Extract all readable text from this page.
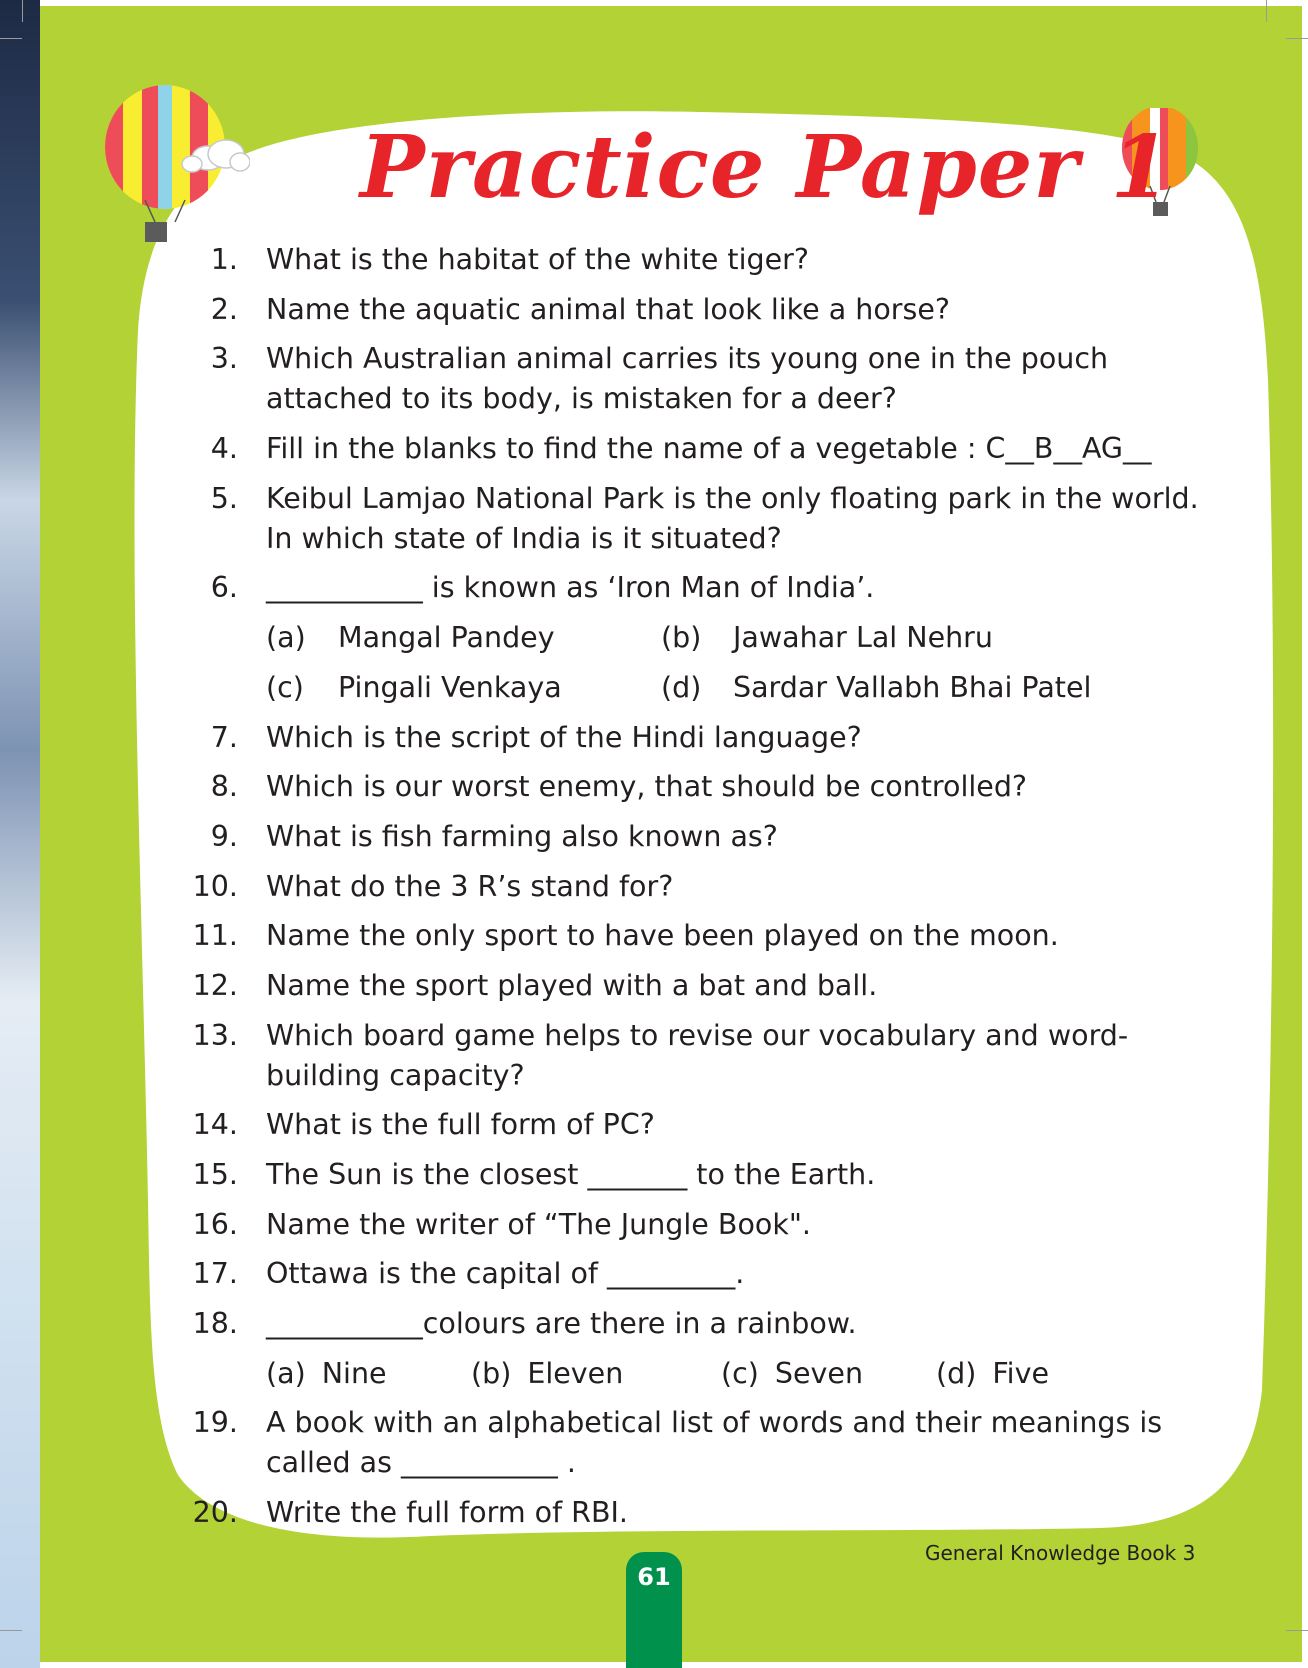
Practice Paper 1
1. What is the habitat of the white tiger?
2. Name the aquatic animal that look like a horse?
3. Which Australian animal carries its young one in the pouch attached to its body, is mistaken for a deer?
4. Fill in the blanks to find the name of a vegetable : C__B__AG__
5. Keibul Lamjao National Park is the only floating park in the world. In which state of India is it situated?
6. ___________ is known as ‘Iron Man of India’.
(a)	Mangal Pandey	(b)	Jawahar Lal Nehru
(c)	Pingali Venkaya	(d)	Sardar Vallabh Bhai Patel
7. Which is the script of the Hindi language?
8. Which is our worst enemy, that should be controlled?
9. What is fish farming also known as?
10. What do the 3 R’s stand for?
11. Name the only sport to have been played on the moon.
12. Name the sport played with a bat and ball.
13. Which board game helps to revise our vocabulary and word-building capacity?
14. What is the full form of PC?
15. The Sun is the closest _______ to the Earth.
16. Name the writer of “The Jungle Book".
17. Ottawa is the capital of _________.
18. ___________colours are there in a rainbow.
(a) Nine	(b) Eleven	(c) Seven	(d) Five
19. A book with an alphabetical list of words and their meanings is called as ___________ .
20. Write the full form of RBI.
General Knowledge Book 3
61
